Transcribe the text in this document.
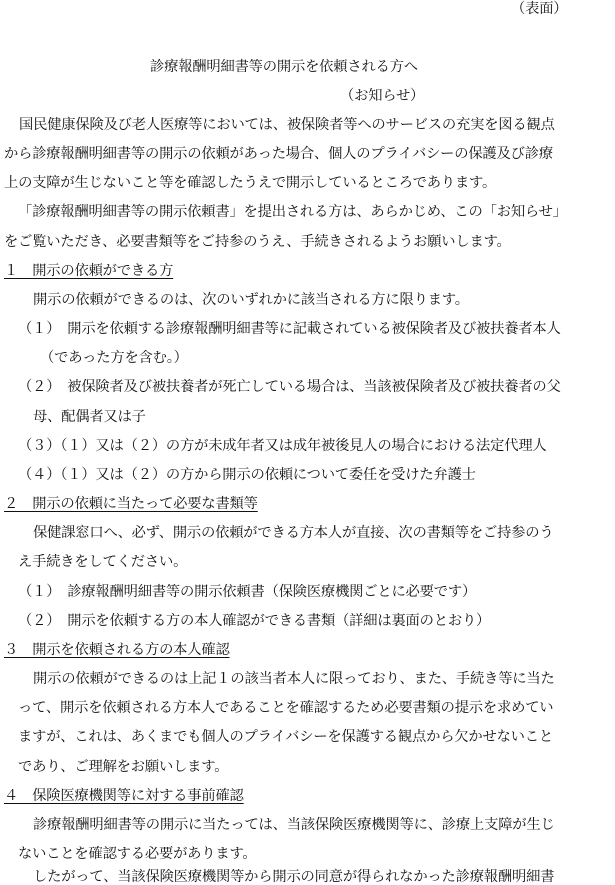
（表面）
診療報酬明細書等の開示を依頼される方へ
（お知らせ）
国民健康保険及び老人医療等においては、被保険者等へのサービスの充実を図る観点
から診療報酬明細書等の開示の依頼があった場合、個人のプライバシーの保護及び診療
上の支障が生じないこと等を確認したうえで開示しているところであります。
「診療報酬明細書等の開示依頼書」を提出される方は、あらかじめ、この「お知らせ」
をご覧いただき、必要書類等をご持参のうえ、手続きされるようお願いします。
１　開示の依頼ができる方
開示の依頼ができるのは、次のいずれかに該当される方に限ります。
（１）　開示を依頼する診療報酬明細書等に記載されている被保険者及び被扶養者本人
（であった方を含む。）
（２）　被保険者及び被扶養者が死亡している場合は、当該被保険者及び被扶養者の父
母、配偶者又は子
（３）（１）又は（２）の方が未成年者又は成年被後見人の場合における法定代理人
（４）（１）又は（２）の方から開示の依頼について委任を受けた弁護士
２　開示の依頼に当たって必要な書類等
保健課窓口へ、必ず、開示の依頼ができる方本人が直接、次の書類等をご持参のう
え手続きをしてください。
（１）　診療報酬明細書等の開示依頼書（保険医療機関ごとに必要です）
（２）　開示を依頼する方の本人確認ができる書類（詳細は裏面のとおり）
３　開示を依頼される方の本人確認
開示の依頼ができるのは上記１の該当者本人に限っており、また、手続き等に当た
って、開示を依頼される方本人であることを確認するため必要書類の提示を求めてい
ますが、これは、あくまでも個人のプライバシーを保護する観点から欠かせないこと
であり、ご理解をお願いします。
４　保険医療機関等に対する事前確認
診療報酬明細書等の開示に当たっては、当該保険医療機関等に、診療上支障が生じ
ないことを確認する必要があります。
したがって、当該保険医療機関等から開示の同意が得られなかった診療報酬明細書
